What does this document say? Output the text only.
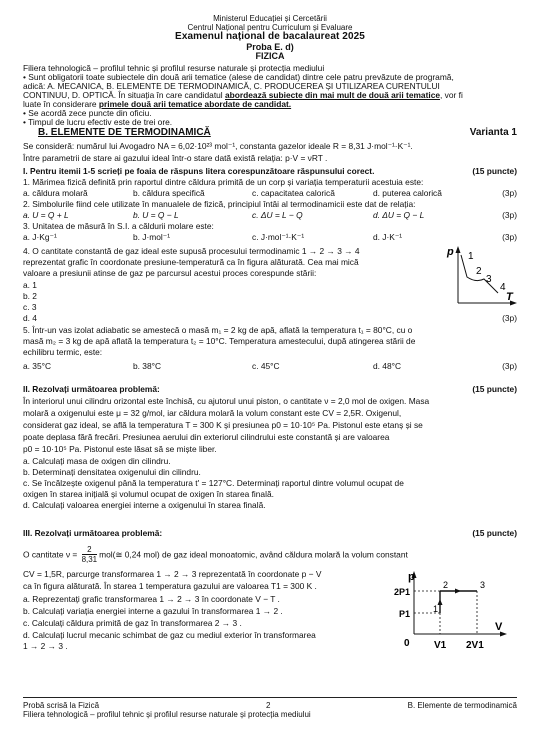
Ministerul Educației și Cercetării
Centrul Național pentru Curriculum și Evaluare
Examenul național de bacalaureat 2025
Proba E. d)
FIZICA
Filiera tehnologică – profilul tehnic și profilul resurse naturale și protecția mediului
• Sunt obligatorii toate subiectele din două arii tematice (alese de candidat) dintre cele patru prevăzute de programă,
adică: A. MECANICA, B. ELEMENTE DE TERMODINAMICĂ, C. PRODUCEREA ȘI UTILIZAREA CURENTULUI
CONTINUU, D. OPTICĂ. În situația în care candidatul abordează subiecte din mai mult de două arii tematice, vor fi
luate în considerare primele două arii tematice abordate de candidat.
• Se acordă zece puncte din oficiu.
• Timpul de lucru efectiv este de trei ore.
B. ELEMENTE DE TERMODINAMICĂ	Varianta 1
Se consideră: numărul lui Avogadro NA = 6,02·10²³ mol⁻¹, constanta gazelor ideale R = 8,31 J·mol⁻¹·K⁻¹.
Între parametrii de stare ai gazului ideal într-o stare dată există relația: p·V = νRT .
I. Pentru itemii 1-5 scrieți pe foaia de răspuns litera corespunzătoare răspunsului corect.	(15 puncte)
1. Mărimea fizică definită prin raportul dintre căldura primită de un corp și variația temperaturii acestuia este:
a. căldura molară	b. căldura specifică	c. capacitatea calorică	d. puterea calorică	(3p)
2. Simbolurile fiind cele utilizate în manualele de fizică, principiul întâi al termodinamicii este dat de relația:
a. U = Q + L	b. U = Q − L	c. ΔU = L − Q	d. ΔU = Q − L	(3p)
3. Unitatea de măsură în S.I. a căldurii molare este:
a. J·Kg⁻¹	b. J·mol⁻¹	c. J·mol⁻¹·K⁻¹	d. J·K⁻¹	(3p)
4. O cantitate constantă de gaz ideal este supusă procesului termodinamic 1 → 2 → 3 → 4
reprezentat grafic în coordonate presiune-temperatură ca în figura alăturată. Cea mai mică
valoare a presiunii atinse de gaz pe parcursul acestui proces corespunde stării:
a. 1
b. 2
c. 3
d. 4	(3p)
p
T
1
2
3
4
5. Într-un vas izolat adiabatic se amestecă o masă m₁ = 2 kg de apă, aflată la temperatura t₁ = 80°C, cu o
masă m₂ = 3 kg de apă aflată la temperatura t₂ = 10°C. Temperatura amestecului, după atingerea stării de
echilibru termic, este:
a. 35°C	b. 38°C	c. 45°C	d. 48°C	(3p)
II. Rezolvați următoarea problemă:	(15 puncte)
În interiorul unui cilindru orizontal este închisă, cu ajutorul unui piston, o cantitate ν = 2,0 mol de oxigen. Masa
molară a oxigenului este μ = 32 g/mol, iar căldura molară la volum constant este CV = 2,5R. Oxigenul,
considerat gaz ideal, se află la temperatura T = 300 K și presiunea p0 = 10·10⁵ Pa. Pistonul este etanș și se
poate deplasa fără frecări. Presiunea aerului din exteriorul cilindrului este constantă și are valoarea
p0 = 10·10⁵ Pa. Pistonul este lăsat să se miște liber.
a. Calculați masa de oxigen din cilindru.
b. Determinați densitatea oxigenului din cilindru.
c. Se încălzește oxigenul până la temperatura t' = 127°C. Determinați raportul dintre volumul ocupat de
oxigen în starea inițială și volumul ocupat de oxigen în starea finală.
d. Calculați valoarea energiei interne a oxigenului în starea finală.
III. Rezolvați următoarea problemă:	(15 puncte)
O cantitate $\nu = \frac{2}{8,31}$ mol(≅ 0,24 mol) de gaz ideal monoatomic, având căldura molară la volum constant
CV = 1,5R, parcurge transformarea 1 → 2 → 3 reprezentată în coordonate p − V
ca în figura alăturată. În starea 1 temperatura gazului are valoarea T1 = 300 K .
a. Reprezentați grafic transformarea 1 → 2 → 3 în coordonate V − T .
b. Calculați variația energiei interne a gazului în transformarea 1 → 2 .
c. Calculați căldura primită de gaz în transformarea 2 → 3 .
d. Calculați lucrul mecanic schimbat de gaz cu mediul exterior în transformarea
1 → 2 → 3 .
p
2P1
P1
0 V1 2V1
V
1
2	3
Probă scrisă la Fizică	2	B. Elemente de termodinamică
Filiera tehnologică – profilul tehnic și profilul resurse naturale și protecția mediului
